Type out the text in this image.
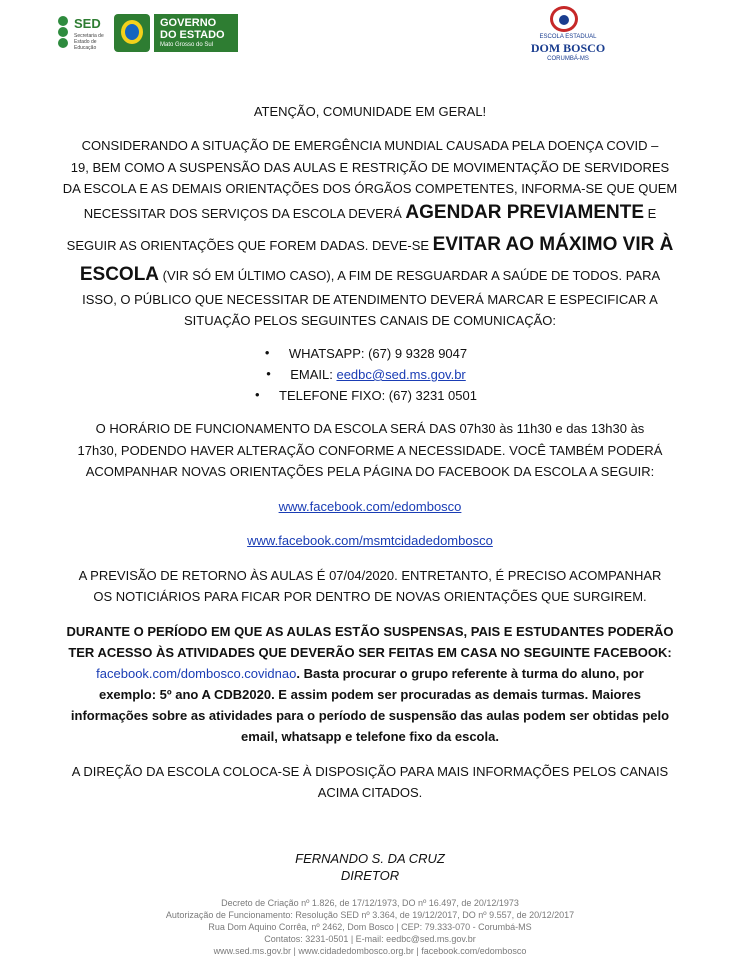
SED
Secretaria de Estado de Educação
GOVERNO
DO ESTADO
Mato Grosso do Sul
ESCOLA ESTADUAL
DOM BOSCO
CORUMBÁ-MS
ATENÇÃO, COMUNIDADE EM GERAL!
CONSIDERANDO A SITUAÇÃO DE EMERGÊNCIA MUNDIAL CAUSADA PELA DOENÇA COVID –
19, BEM COMO A SUSPENSÃO DAS AULAS E RESTRIÇÃO DE MOVIMENTAÇÃO DE SERVIDORES
DA ESCOLA E AS DEMAIS ORIENTAÇÕES DOS ÓRGÃOS COMPETENTES, INFORMA-SE QUE QUEM
NECESSITAR DOS SERVIÇOS DA ESCOLA DEVERÁ AGENDAR PREVIAMENTE E
SEGUIR AS ORIENTAÇÕES QUE FOREM DADAS. DEVE-SE EVITAR AO MÁXIMO VIR À
ESCOLA (VIR SÓ EM ÚLTIMO CASO), A FIM DE RESGUARDAR A SAÚDE DE TODOS. PARA
ISSO, O PÚBLICO QUE NECESSITAR DE ATENDIMENTO DEVERÁ MARCAR E ESPECIFICAR A
SITUAÇÃO PELOS SEGUINTES CANAIS DE COMUNICAÇÃO:
• WHATSAPP: (67) 9 9328 9047
• EMAIL: eedbc@sed.ms.gov.br
• TELEFONE FIXO: (67) 3231 0501
O HORÁRIO DE FUNCIONAMENTO DA ESCOLA SERÁ DAS 07h30 às 11h30 e das 13h30 às
17h30, PODENDO HAVER ALTERAÇÃO CONFORME A NECESSIDADE. VOCÊ TAMBÉM PODERÁ
ACOMPANHAR NOVAS ORIENTAÇÕES PELA PÁGINA DO FACEBOOK DA ESCOLA A SEGUIR:
www.facebook.com/edombosco
www.facebook.com/msmtcidadedombosco
A PREVISÃO DE RETORNO ÀS AULAS É 07/04/2020. ENTRETANTO, É PRECISO ACOMPANHAR
OS NOTICIÁRIOS PARA FICAR POR DENTRO DE NOVAS ORIENTAÇÕES QUE SURGIREM.
DURANTE O PERÍODO EM QUE AS AULAS ESTÃO SUSPENSAS, PAIS E ESTUDANTES PODERÃO
TER ACESSO ÀS ATIVIDADES QUE DEVERÃO SER FEITAS EM CASA NO SEGUINTE FACEBOOK:
facebook.com/dombosco.covidnao. Basta procurar o grupo referente à turma do aluno, por
exemplo: 5º ano A CDB2020. E assim podem ser procuradas as demais turmas. Maiores
informações sobre as atividades para o período de suspensão das aulas podem ser obtidas pelo
email, whatsapp e telefone fixo da escola.
A DIREÇÃO DA ESCOLA COLOCA-SE À DISPOSIÇÃO PARA MAIS INFORMAÇÕES PELOS CANAIS
ACIMA CITADOS.
FERNANDO S. DA CRUZ
DIRETOR
Decreto de Criação nº 1.826, de 17/12/1973, DO nº 16.497, de 20/12/1973
Autorização de Funcionamento: Resolução SED nº 3.364, de 19/12/2017, DO nº 9.557, de 20/12/2017
Rua Dom Aquino Corrêa, nº 2462, Dom Bosco | CEP: 79.333-070 - Corumbá-MS
Contatos: 3231-0501 | E-mail: eedbc@sed.ms.gov.br
www.sed.ms.gov.br | www.cidadedombosco.org.br | facebook.com/edombosco
